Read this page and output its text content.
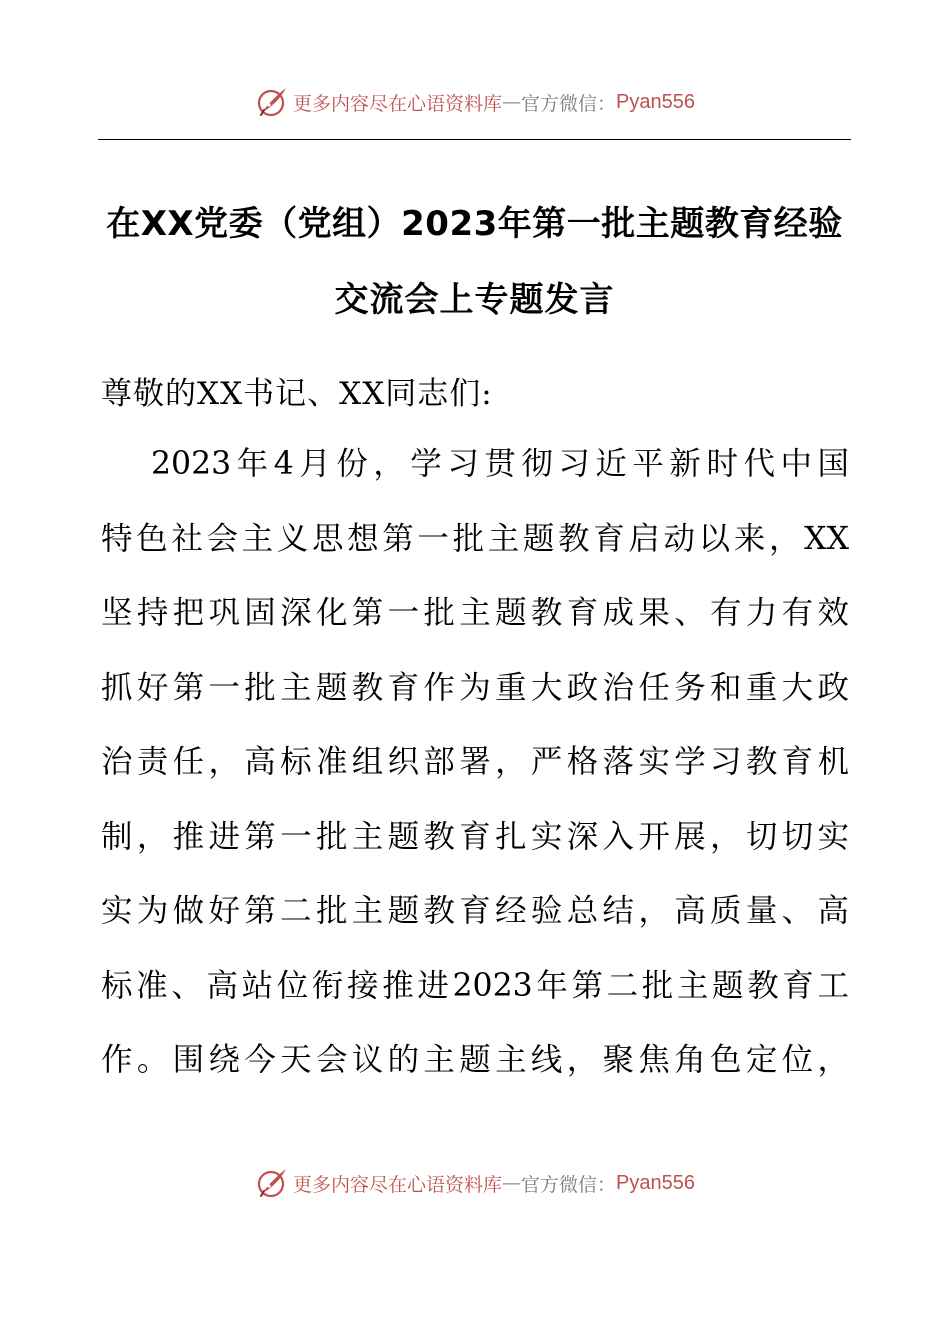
更多内容尽在心语资料库 — 官方微信： Pyan556
在XX党委（党组）2023年第一批主题教育经验
交流会上专题发言
尊敬的XX书记、XX同志们:
2023年4月份，学习贯彻习近平新时代中国
特色社会主义思想第一批主题教育启动以来，XX
坚持把巩固深化第一批主题教育成果、有力有效
抓好第一批主题教育作为重大政治任务和重大政
治责任，高标准组织部署，严格落实学习教育机
制，推进第一批主题教育扎实深入开展，切切实
实为做好第二批主题教育经验总结，高质量、高
标准、高站位衔接推进2023年第二批主题教育工
作。围绕今天会议的主题主线，聚焦角色定位，
更多内容尽在心语资料库 — 官方微信： Pyan556
